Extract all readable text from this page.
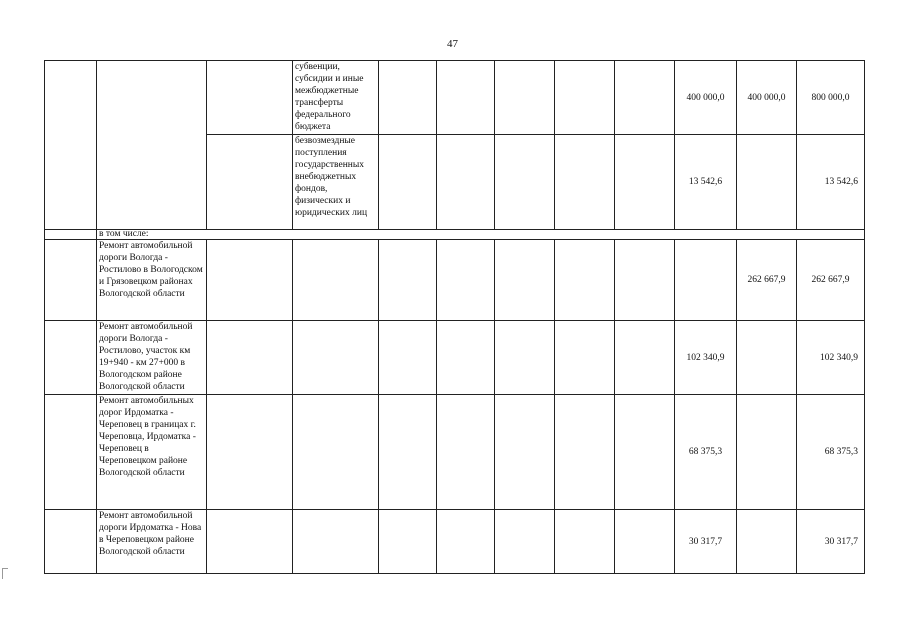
47

			субвенции, субсидии и иные межбюджетные трансферты федерального бюджета						400 000,0	400 000,0	800 000,0

			безвозмездные поступления государственных внебюджетных фондов, физических и юридических лиц						13 542,6		13 542,6
	в том числе:										
	Ремонт автомобильной дороги Вологда - Ростилово в Вологодском и Грязовецком районах Вологодской области									262 667,9	262 667,9
	Ремонт автомобильной дороги Вологда - Ростилово, участок км 19+940 - км 27+000 в Вологодском районе Вологодской области								102 340,9		102 340,9
	Ремонт автомобильных дорог Ирдоматка - Череповец в границах г. Череповца, Ирдоматка - Череповец в Череповецком районе Вологодской области								68 375,3		68 375,3
	Ремонт автомобильной дороги Ирдоматка - Нова в Череповецком районе Вологодской области								30 317,7		30 317,7
